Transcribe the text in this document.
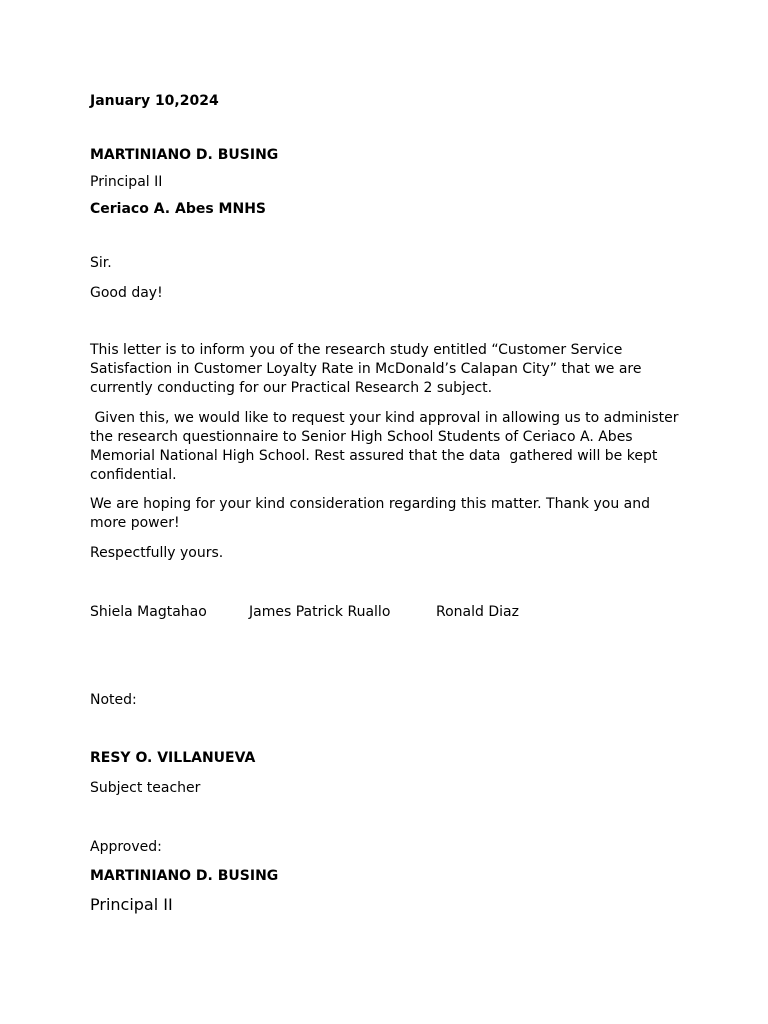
January 10,2024
MARTINIANO D. BUSING
Principal II
Ceriaco A. Abes MNHS
Sir.
Good day!
This letter is to inform you of the research study entitled “Customer Service Satisfaction in Customer Loyalty Rate in McDonald’s Calapan City” that we are currently conducting for our Practical Research 2 subject.
Given this, we would like to request your kind approval in allowing us to administer the research questionnaire to Senior High School Students of Ceriaco A. Abes Memorial National High School. Rest assured that the data  gathered will be kept confidential.
We are hoping for your kind consideration regarding this matter. Thank you and more power!
Respectfully yours.
Shiela Magtahao	James Patrick Ruallo	Ronald Diaz
Noted:
RESY O. VILLANUEVA
Subject teacher
Approved:
MARTINIANO D. BUSING
Principal II
